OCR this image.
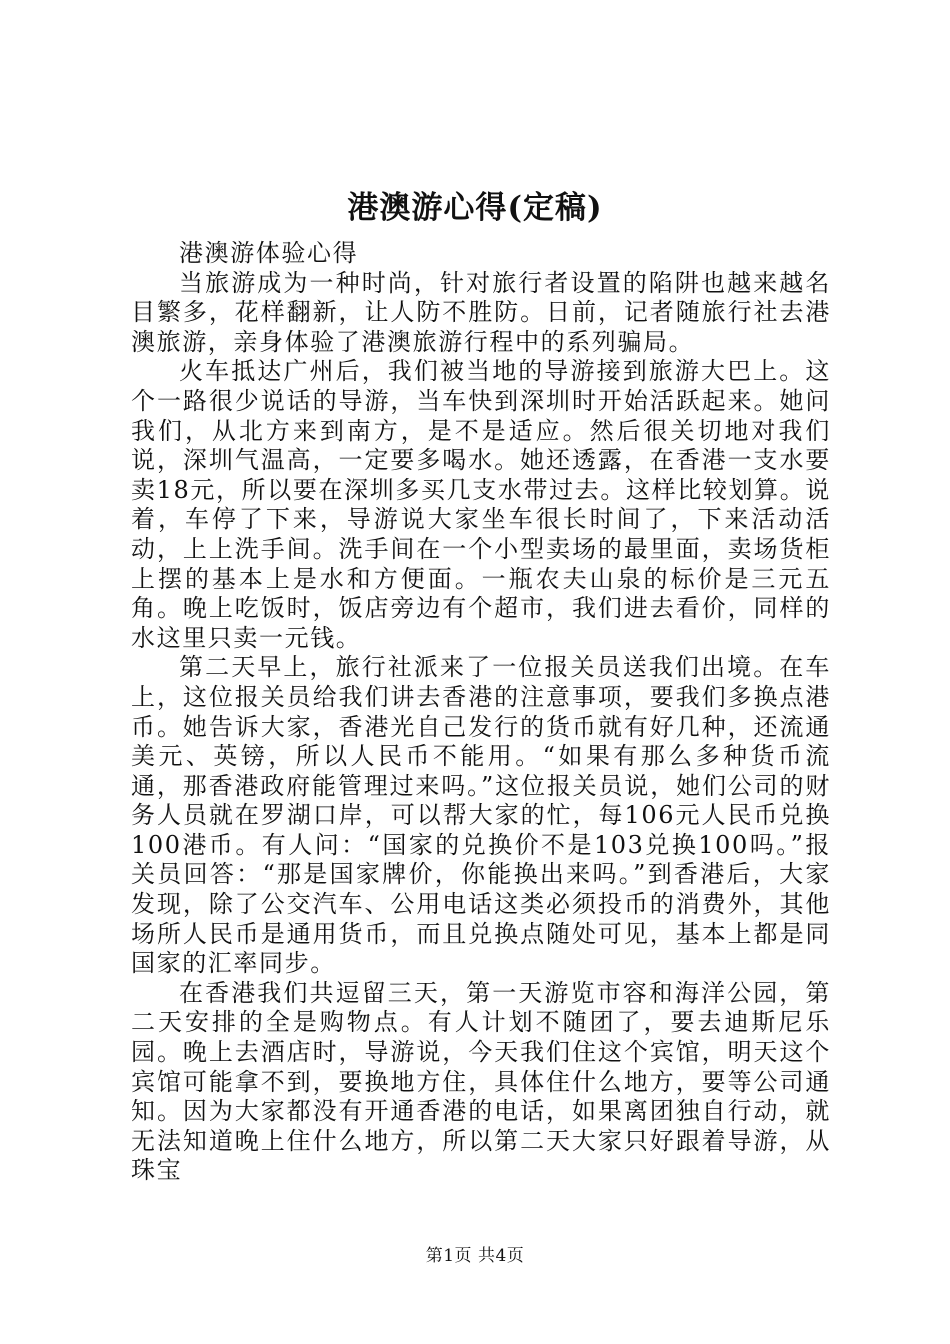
港澳游心得(定稿)

港澳游体验心得

当旅游成为一种时尚，针对旅行者设置的陷阱也越来越名目繁多，花样翻新，让人防不胜防。日前，记者随旅行社去港澳旅游，亲身体验了港澳旅游行程中的系列骗局。

火车抵达广州后，我们被当地的导游接到旅游大巴上。这个一路很少说话的导游，当车快到深圳时开始活跃起来。她问我们，从北方来到南方，是不是适应。然后很关切地对我们说，深圳气温高，一定要多喝水。她还透露，在香港一支水要卖18元，所以要在深圳多买几支水带过去。这样比较划算。说着，车停了下来，导游说大家坐车很长时间了，下来活动活动，上上洗手间。洗手间在一个小型卖场的最里面，卖场货柜上摆的基本上是水和方便面。一瓶农夫山泉的标价是三元五角。晚上吃饭时，饭店旁边有个超市，我们进去看价，同样的水这里只卖一元钱。

第二天早上，旅行社派来了一位报关员送我们出境。在车上，这位报关员给我们讲去香港的注意事项，要我们多换点港币。她告诉大家，香港光自己发行的货币就有好几种，还流通美元、英镑，所以人民币不能用。“如果有那么多种货币流通，那香港政府能管理过来吗。”这位报关员说，她们公司的财务人员就在罗湖口岸，可以帮大家的忙，每106元人民币兑换100港币。有人问：“国家的兑换价不是103兑换100吗。”报关员回答：“那是国家牌价，你能换出来吗。”到香港后，大家发现，除了公交汽车、公用电话这类必须投币的消费外，其他场所人民币是通用货币，而且兑换点随处可见，基本上都是同国家的汇率同步。

在香港我们共逗留三天，第一天游览市容和海洋公园，第二天安排的全是购物点。有人计划不随团了，要去迪斯尼乐园。晚上去酒店时，导游说，今天我们住这个宾馆，明天这个宾馆可能拿不到，要换地方住，具体住什么地方，要等公司通知。因为大家都没有开通香港的电话，如果离团独自行动，就无法知道晚上住什么地方，所以第二天大家只好跟着导游，从珠宝

第1页 共4页
